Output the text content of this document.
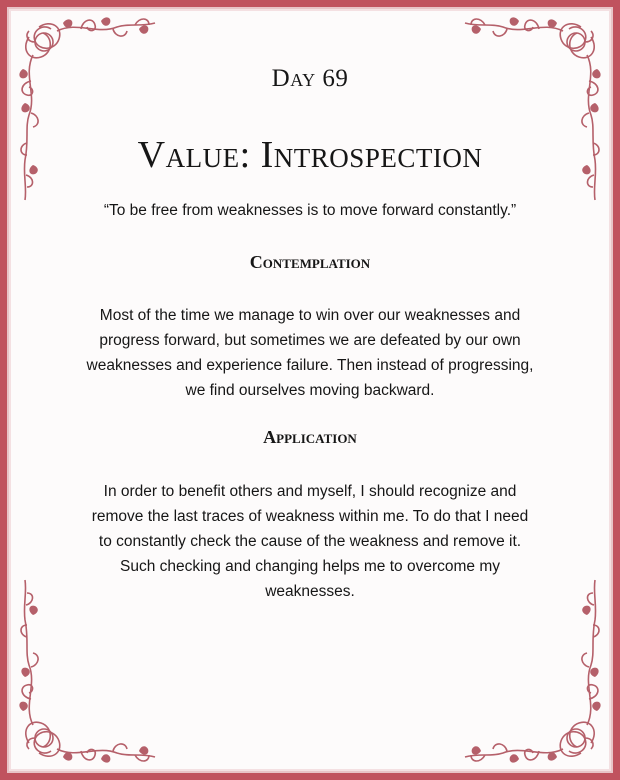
Day 69
Value: Introspection
“To be free from weaknesses is to move forward constantly.”
Contemplation
Most of the time we manage to win over our weaknesses and
progress forward, but sometimes we are defeated by our own
weaknesses and experience failure. Then instead of progressing,
we find ourselves moving backward.
Application
In order to benefit others and myself, I should recognize and
remove the last traces of weakness within me. To do that I need
to constantly check the cause of the weakness and remove it.
Such checking and changing helps me to overcome my
weaknesses.
